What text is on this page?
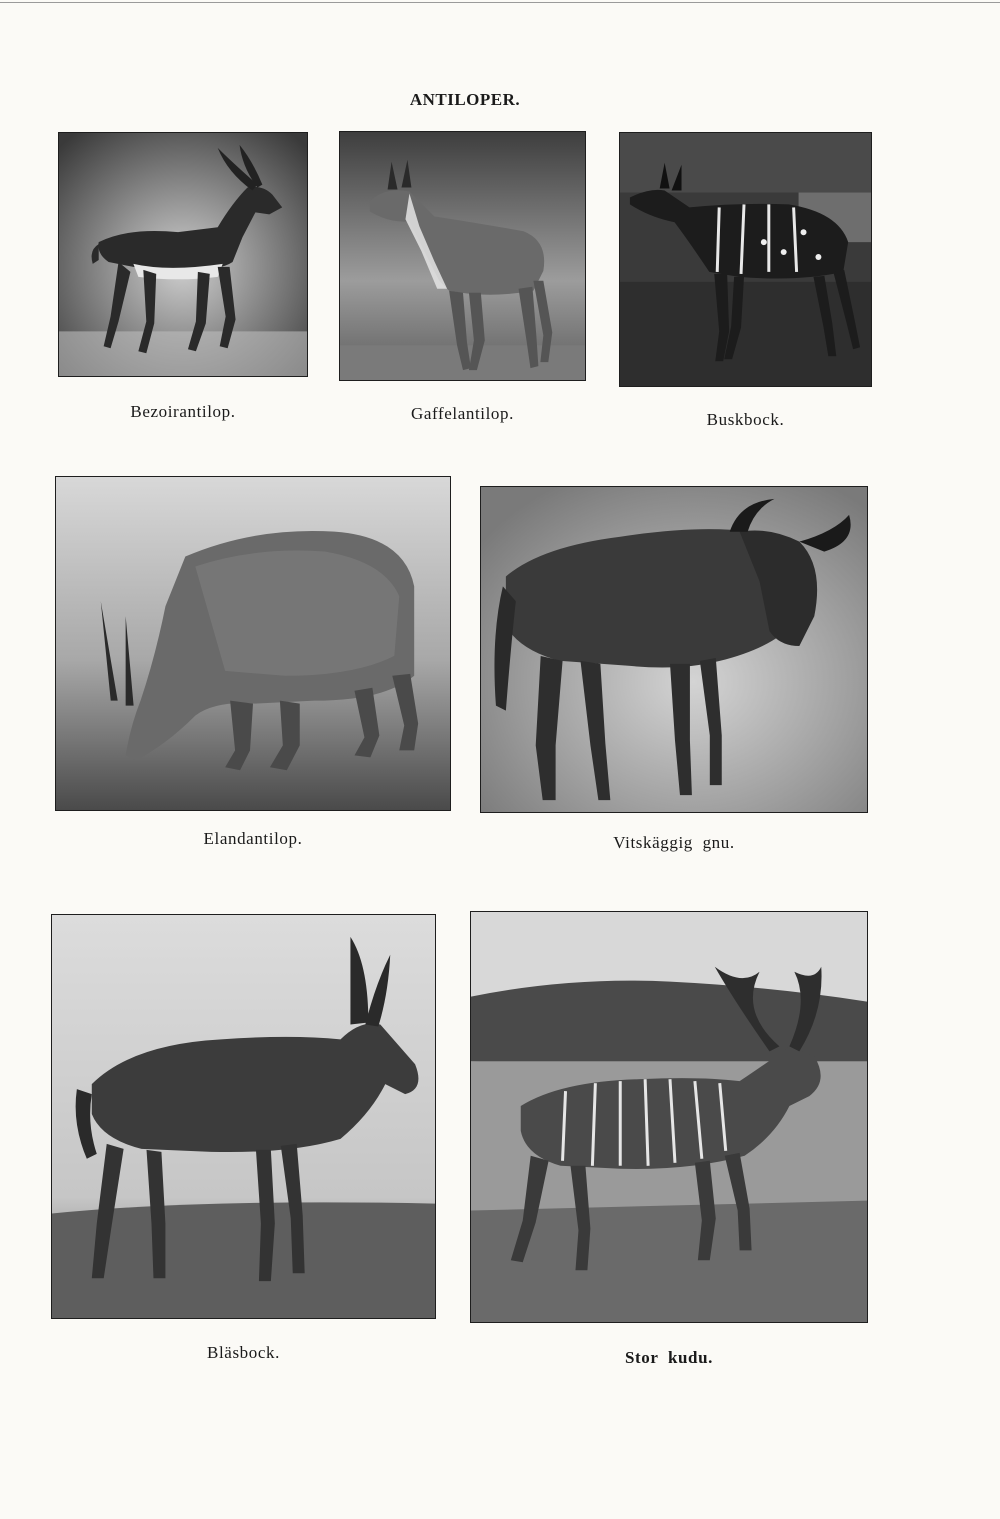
ANTILOPER.
Bezoirantilop.	Gaffelantilop.	Buskbock.
Elandantilop.	Vitskäggig  gnu.
Bläsbock.	Stor  kudu.
